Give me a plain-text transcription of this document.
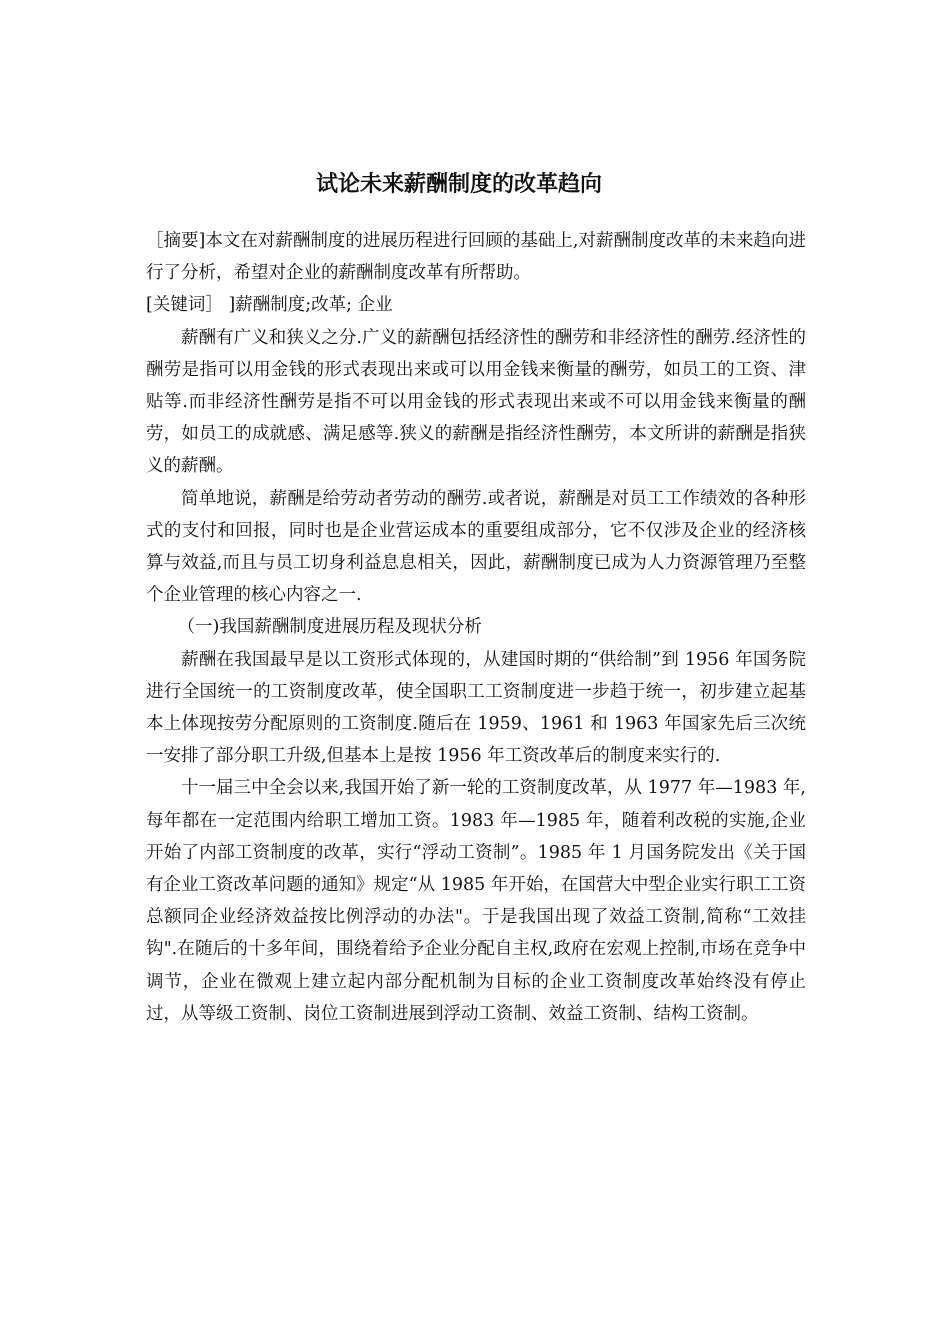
试论未来薪酬制度的改革趋向

［摘要]本文在对薪酬制度的进展历程进行回顾的基础上,对薪酬制度改革的未来趋向进行了分析，希望对企业的薪酬制度改革有所帮助。

[关键词］ ]薪酬制度;改革; 企业

薪酬有广义和狭义之分.广义的薪酬包括经济性的酬劳和非经济性的酬劳.经济性的酬劳是指可以用金钱的形式表现出来或可以用金钱来衡量的酬劳，如员工的工资、津贴等.而非经济性酬劳是指不可以用金钱的形式表现出来或不可以用金钱来衡量的酬劳，如员工的成就感、满足感等.狭义的薪酬是指经济性酬劳，本文所讲的薪酬是指狭义的薪酬。

简单地说，薪酬是给劳动者劳动的酬劳.或者说，薪酬是对员工工作绩效的各种形式的支付和回报，同时也是企业营运成本的重要组成部分，它不仅涉及企业的经济核算与效益,而且与员工切身利益息息相关，因此，薪酬制度已成为人力资源管理乃至整个企业管理的核心内容之一.

（一)我国薪酬制度进展历程及现状分析

薪酬在我国最早是以工资形式体现的，从建国时期的“供给制”到 1956 年国务院进行全国统一的工资制度改革，使全国职工工资制度进一步趋于统一，初步建立起基本上体现按劳分配原则的工资制度.随后在 1959、1961 和 1963 年国家先后三次统一安排了部分职工升级,但基本上是按 1956 年工资改革后的制度来实行的.

十一届三中全会以来,我国开始了新一轮的工资制度改革，从 1977 年—1983 年,每年都在一定范围内给职工增加工资。1983 年—1985 年，随着利改税的实施,企业开始了内部工资制度的改革，实行“浮动工资制”。1985 年 1 月国务院发出《关于国有企业工资改革问题的通知》规定“从 1985 年开始，在国营大中型企业实行职工工资总额同企业经济效益按比例浮动的办法"。于是我国出现了效益工资制,简称“工效挂钩".在随后的十多年间，围绕着给予企业分配自主权,政府在宏观上控制,市场在竞争中调节，企业在微观上建立起内部分配机制为目标的企业工资制度改革始终没有停止过，从等级工资制、岗位工资制进展到浮动工资制、效益工资制、结构工资制。
